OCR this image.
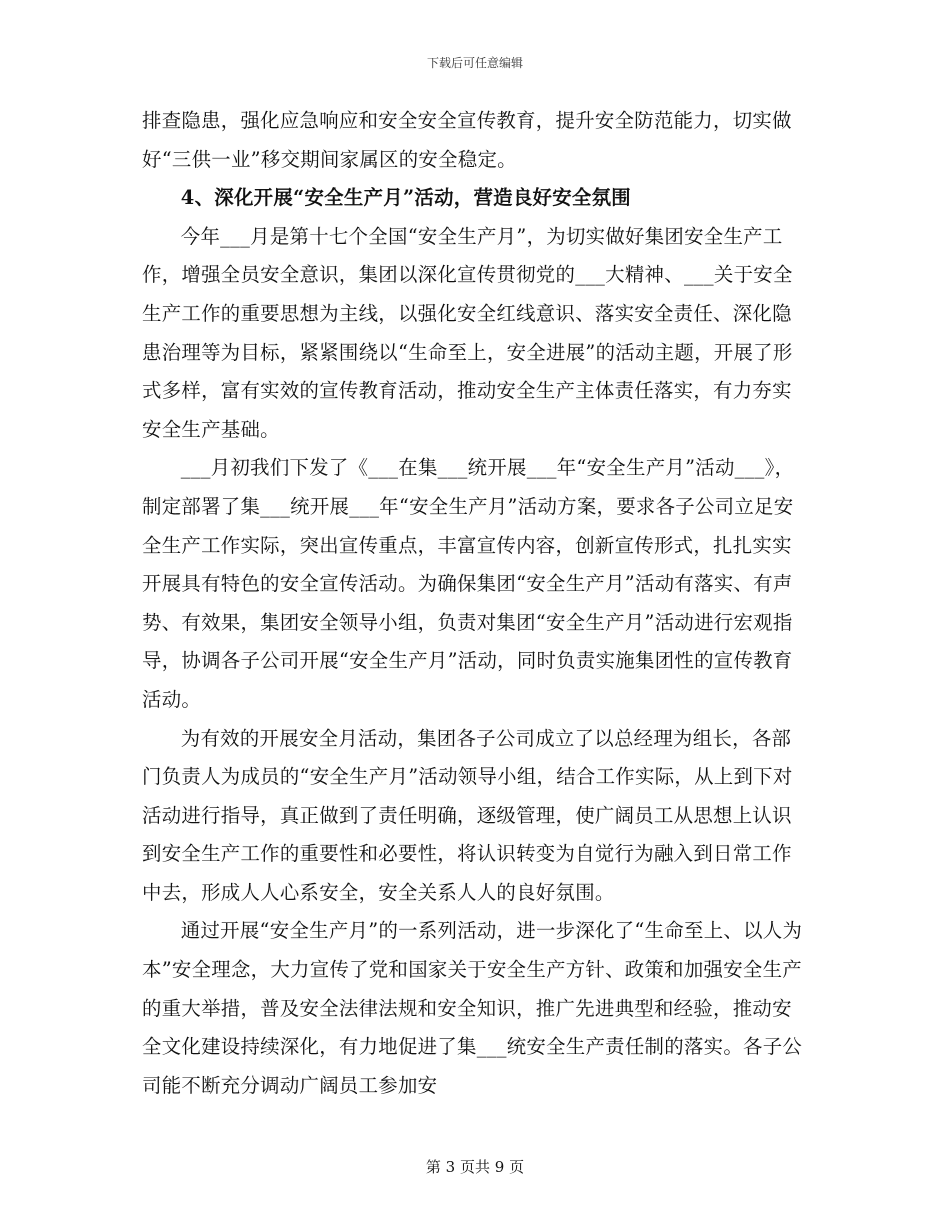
下载后可任意编辑

排查隐患，强化应急响应和安全安全宣传教育，提升安全防范能力，切实做好“三供一业”移交期间家属区的安全稳定。

4、深化开展“安全生产月”活动，营造良好安全氛围

今年___月是第十七个全国“安全生产月”，为切实做好集团安全生产工作，增强全员安全意识，集团以深化宣传贯彻党的___大精神、___关于安全生产工作的重要思想为主线，以强化安全红线意识、落实安全责任、深化隐患治理等为目标，紧紧围绕以“生命至上，安全进展”的活动主题，开展了形式多样，富有实效的宣传教育活动，推动安全生产主体责任落实，有力夯实安全生产基础。

___月初我们下发了《___在集___统开展___年“安全生产月”活动___》，制定部署了集___统开展___年“安全生产月”活动方案，要求各子公司立足安全生产工作实际，突出宣传重点，丰富宣传内容，创新宣传形式，扎扎实实开展具有特色的安全宣传活动。为确保集团“安全生产月”活动有落实、有声势、有效果，集团安全领导小组，负责对集团“安全生产月”活动进行宏观指导，协调各子公司开展“安全生产月”活动，同时负责实施集团性的宣传教育活动。

为有效的开展安全月活动，集团各子公司成立了以总经理为组长，各部门负责人为成员的“安全生产月”活动领导小组，结合工作实际，从上到下对活动进行指导，真正做到了责任明确，逐级管理，使广阔员工从思想上认识到安全生产工作的重要性和必要性，将认识转变为自觉行为融入到日常工作中去，形成人人心系安全，安全关系人人的良好氛围。

通过开展“安全生产月”的一系列活动，进一步深化了“生命至上、以人为本”安全理念，大力宣传了党和国家关于安全生产方针、政策和加强安全生产的重大举措，普及安全法律法规和安全知识，推广先进典型和经验，推动安全文化建设持续深化，有力地促进了集___统安全生产责任制的落实。各子公司能不断充分调动广阔员工参加安

第 3 页共 9 页
